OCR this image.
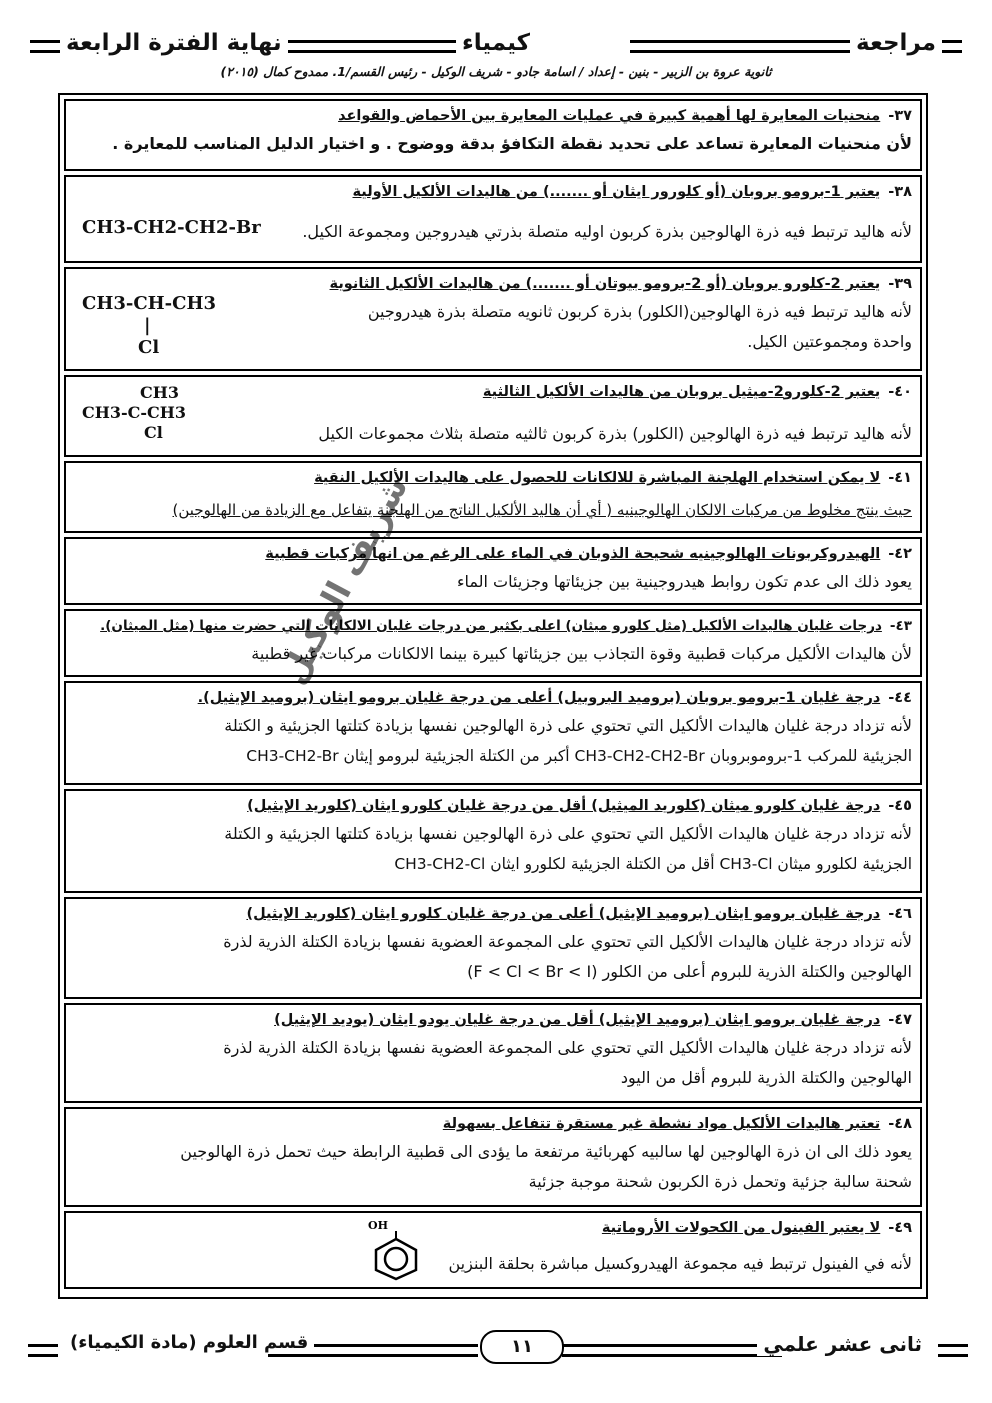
مراجعة
كيمياء
نهاية الفترة الرابعة
ثانوية عروة بن الزبير - بنين - إعداد / اسامة جادو - شريف الوكيل - رئيس القسم/1. ممدوح كمال (٢٠١٥)
٣٧-منحنيات المعايرة لها أهمية كبيرة في عمليات المعايرة بين الأحماض والقواعد
لأن منحنيات المعايرة تساعد على تحديد نقطة التكافؤ بدقة ووضوح . و اختيار الدليل المناسب للمعايرة .
٣٨-يعتبر 1-برومو بروبان (أو كلورور ايثان أو .......) من هاليدات الألكيل الأولية
لأنه هاليد ترتبط فيه ذرة الهالوجين بذرة كربون اوليه متصلة بذرتي هيدروجين ومجموعة الكيل.
CH3-CH2-CH2-Br
٣٩-يعتبر 2-كلورو بروبان (أو 2-برومو بيوتان أو .......) من هاليدات الألكيل الثانوية
لأنه هاليد ترتبط فيه ذرة الهالوجين(الكلور) بذرة كربون ثانويه متصلة بذرة هيدروجين
واحدة ومجموعتين الكيل.
CH3-CH-CH3
|
Cl
٤٠-يعتبر 2-كلورو2-ميثيل بروبان من هاليدات الألكيل الثالثية
لأنه هاليد ترتبط فيه ذرة الهالوجين (الكلور) بذرة كربون ثالثيه متصلة بثلاث مجموعات الكيل
CH3
CH3-C-CH3
Cl
٤١-لا يمكن استخدام الهلجنة المباشرة للالكانات للحصول على هاليدات الألكيل النقية
حيث ينتج مخلوط من مركبات الالكان الهالوجينيه ( أي أن هاليد الألكيل الناتج من الهلجنة يتفاعل مع الزيادة من الهالوجين)
٤٢-الهيدروكربونات الهالوجينيه شحيحة الذوبان في الماء على الرغم من انها مركبات قطبية
يعود ذلك الى عدم تكون روابط هيدروجينية بين جزيئاتها وجزيئات الماء
٤٣-درجات غليان هاليدات الألكيل (مثل كلورو ميثان) اعلى بكثير من درجات غليان الالكانات التي حضرت منها (مثل الميثان).
لأن هاليدات الألكيل مركبات قطبية وقوة التجاذب بين جزيئاتها كبيرة بينما الالكانات مركبات غير قطبية
٤٤-درجة غليان 1-برومو بروبان (بروميد البروبيل) أعلى من درجة غليان برومو ايثان (بروميد الإيثيل).
لأنه تزداد درجة غليان هاليدات الألكيل التي تحتوي على ذرة الهالوجين نفسها بزيادة كتلتها الجزيئية و الكتلة
الجزيئية للمركب 1-بروموبروبان CH3-CH2-CH2-Br أكبر من الكتلة الجزيئية لبرومو إيثان CH3-CH2-Br
٤٥-درجة غليان كلورو ميثان (كلوريد الميثيل) أقل من درجة غليان كلورو ايثان (كلوريد الإيثيل)
لأنه تزداد درجة غليان هاليدات الألكيل التي تحتوي على ذرة الهالوجين نفسها بزيادة كتلتها الجزيئية و الكتلة
الجزيئية لكلورو ميثان CH3-Cl أقل من الكتلة الجزيئية لكلورو ايثان CH3-CH2-Cl
٤٦-درجة غليان برومو ايثان (بروميد الإيثيل) أعلى من درجة غليان كلورو ايثان (كلوريد الإيثيل)
لأنه تزداد درجة غليان هاليدات الألكيل التي تحتوي على المجموعة العضوية نفسها بزيادة الكتلة الذرية لذرة
الهالوجين والكتلة الذرية للبروم أعلى من الكلور (F < Cl < Br < I)
٤٧-درجة غليان برومو ايثان (بروميد الإيثيل) أقل من درجة غليان يودو ايثان (يوديد الإيثيل)
لأنه تزداد درجة غليان هاليدات الألكيل التي تحتوي على المجموعة العضوية نفسها بزيادة الكتلة الذرية لذرة
الهالوجين والكتلة الذرية للبروم أقل من اليود
٤٨-تعتبر هاليدات الألكيل مواد نشطة غير مستقرة تتفاعل بسهولة
يعود ذلك الى ان ذرة الهالوجين لها سالبيه كهربائية مرتفعة ما يؤدى الى قطبية الرابطة حيث تحمل ذرة الهالوجين
شحنة سالبة جزئية وتحمل ذرة الكربون شحنة موجبة جزئية
٤٩-لا يعتبر الفينول من الكحولات الأروماتية
لأنه في الفينول ترتبط فيه مجموعة الهيدروكسيل مباشرة بحلقة البنزين
OH
شريف الوكيل
قسم العلوم (مادة الكيمياء)	١١	ثانى عشر علمي
